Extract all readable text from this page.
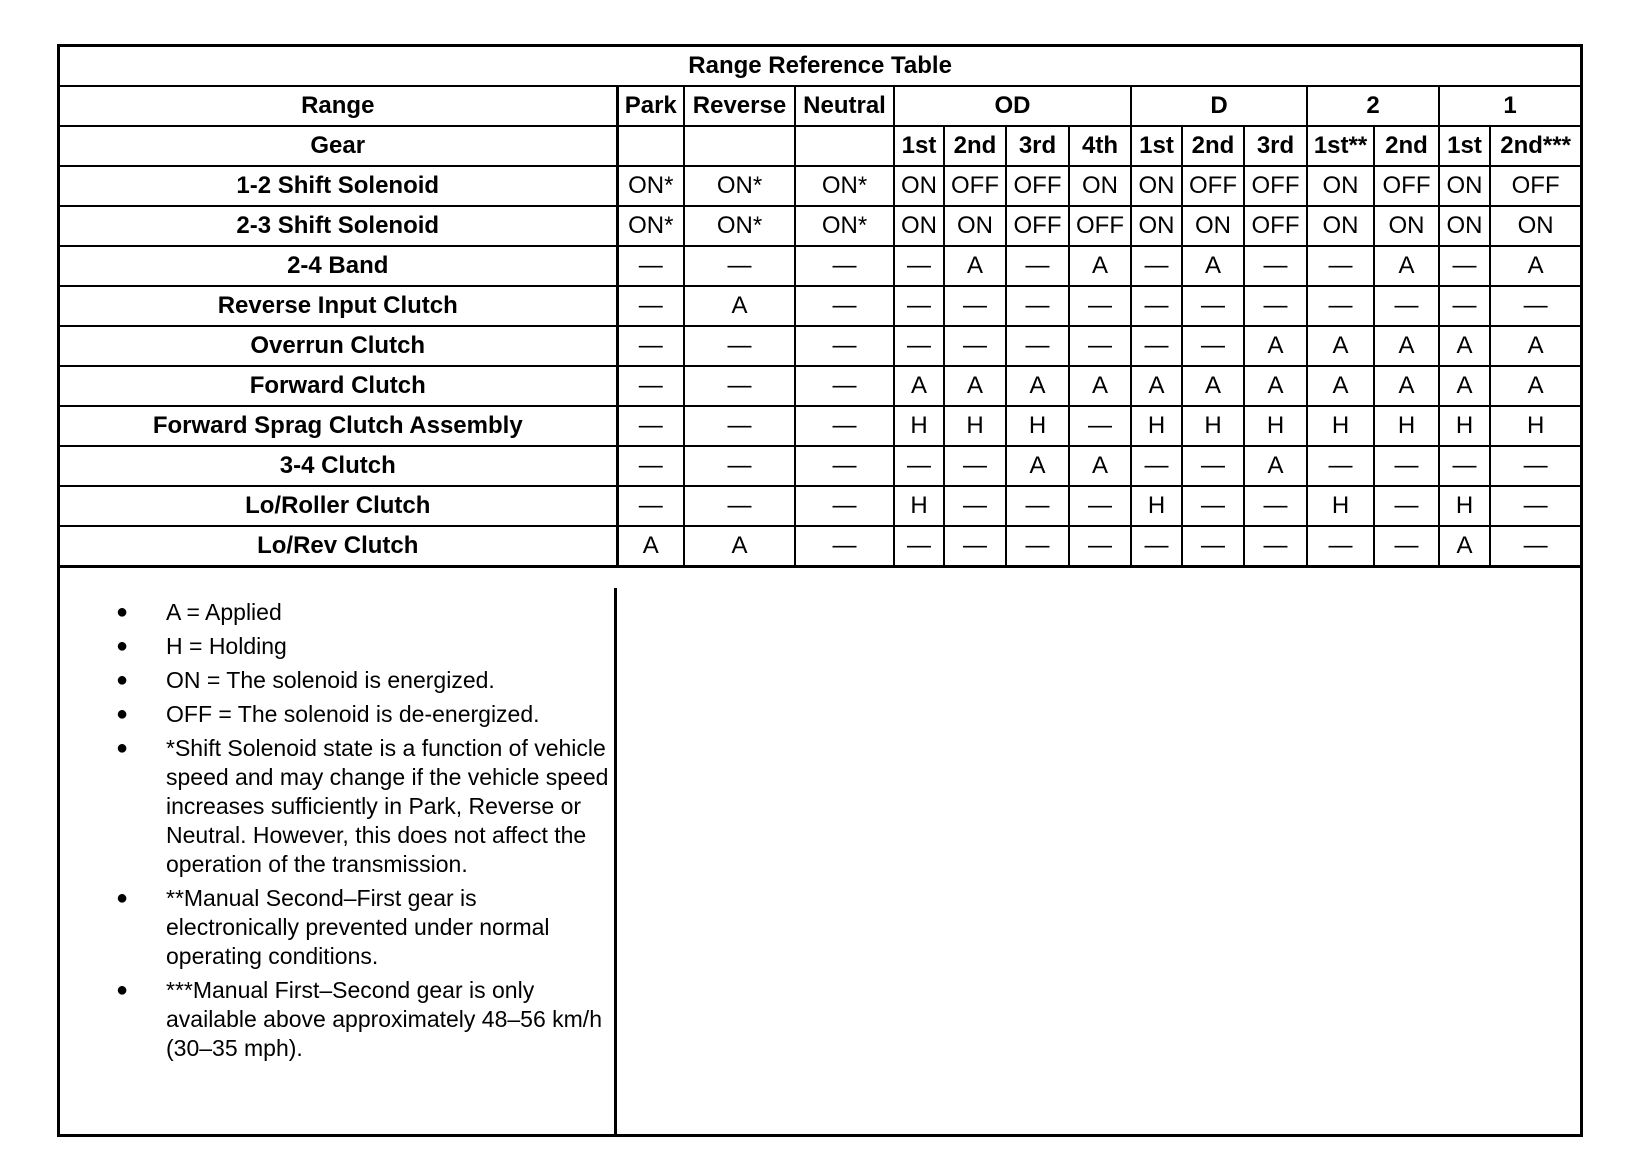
Range Reference Table														
Range	Park	Reverse	Neutral	OD				D			2		1	
Gear				1st	2nd	3rd	4th	1st	2nd	3rd	1st**	2nd	1st	2nd***
1-2 Shift Solenoid	ON*	ON*	ON*	ON	OFF	OFF	ON	ON	OFF	OFF	ON	OFF	ON	OFF
2-3 Shift Solenoid	ON*	ON*	ON*	ON	ON	OFF	OFF	ON	ON	OFF	ON	ON	ON	ON
2-4 Band	—	—	—	—	A	—	A	—	A	—	—	A	—	A
Reverse Input Clutch	—	A	—	—	—	—	—	—	—	—	—	—	—	—
Overrun Clutch	—	—	—	—	—	—	—	—	—	A	A	A	A	A
Forward Clutch	—	—	—	A	A	A	A	A	A	A	A	A	A	A
Forward Sprag Clutch Assembly	—	—	—	H	H	H	—	H	H	H	H	H	H	H
3-4 Clutch	—	—	—	—	—	A	A	—	—	A	—	—	—	—
Lo/Roller Clutch	—	—	—	H	—	—	—	H	—	—	H	—	H	—
Lo/Rev Clutch	A	A	—	—	—	—	—	—	—	—	—	—	A	—
● A = Applied
● H = Holding
● ON = The solenoid is energized.
● OFF = The solenoid is de-energized.
● *Shift Solenoid state is a function of vehicle speed and may change if the vehicle speed increases sufficiently in Park, Reverse or Neutral. However, this does not affect the operation of the transmission.
● **Manual Second–First gear is electronically prevented under normal operating conditions.
● ***Manual First–Second gear is only available above approximately 48–56 km/h (30–35 mph).
